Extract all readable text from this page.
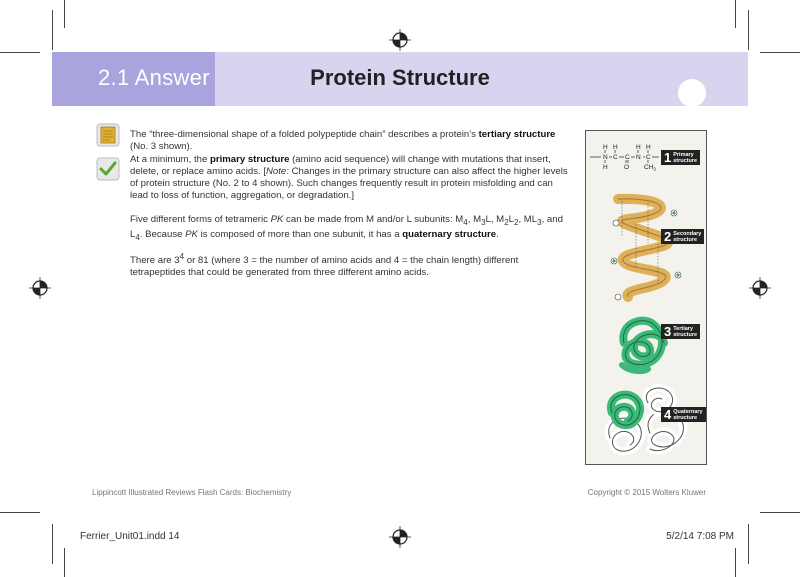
2.1 Answer	Protein Structure
The “three-dimensional shape of a folded polypeptide chain” describes a protein’s tertiary structure (No. 3 shown).
At a minimum, the primary structure (amino acid sequence) will change with mutations that insert, delete, or replace amino acids. [Note: Changes in the primary structure can also affect the higher levels of protein structure (No. 2 to 4 shown). Such changes frequently result in protein misfolding and can lead to loss of function, aggregation, or degradation.]
Five different forms of tetrameric PK can be made from M and/or L subunits: $M_4$, $M_3L$, $M_2L_2$, $ML_3$, and $L_4$. Because PK is composed of more than one subunit, it has a quaternary structure.
There are $3^4$ or 81 (where 3 = the number of amino acids and 4 = the chain length) different tetrapeptides that could be generated from three different amino acids.
H H	H H
N C C N C
H	O $CH_3$
1 Primary
structure
2 Secondary
structure
3 Tertiary
structure
4 Quaternary
structure
Lippincott Illustrated Reviews Flash Cards: Biochemistry	Copyright © 2015 Wolters Kluwer
Ferrier_Unit01.indd 14	5/2/14 7:08 PM
